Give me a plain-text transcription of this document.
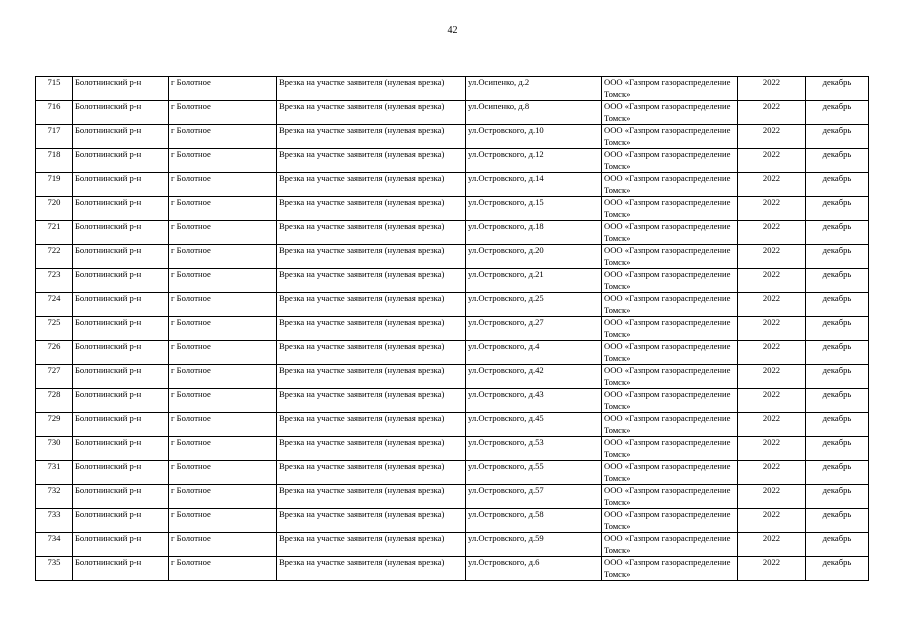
42
715	Болотнинский р-н	г Болотное	Врезка на участке заявителя (нулевая врезка)	ул.Осипенко, д.2	ООО «Газпром газораспределение Томск»	2022	декабрь
716	Болотнинский р-н	г Болотное	Врезка на участке заявителя (нулевая врезка)	ул.Осипенко, д.8	ООО «Газпром газораспределение Томск»	2022	декабрь
717	Болотнинский р-н	г Болотное	Врезка на участке заявителя (нулевая врезка)	ул.Островского, д.10	ООО «Газпром газораспределение Томск»	2022	декабрь
718	Болотнинский р-н	г Болотное	Врезка на участке заявителя (нулевая врезка)	ул.Островского, д.12	ООО «Газпром газораспределение Томск»	2022	декабрь
719	Болотнинский р-н	г Болотное	Врезка на участке заявителя (нулевая врезка)	ул.Островского, д.14	ООО «Газпром газораспределение Томск»	2022	декабрь
720	Болотнинский р-н	г Болотное	Врезка на участке заявителя (нулевая врезка)	ул.Островского, д.15	ООО «Газпром газораспределение Томск»	2022	декабрь
721	Болотнинский р-н	г Болотное	Врезка на участке заявителя (нулевая врезка)	ул.Островского, д.18	ООО «Газпром газораспределение Томск»	2022	декабрь
722	Болотнинский р-н	г Болотное	Врезка на участке заявителя (нулевая врезка)	ул.Островского, д.20	ООО «Газпром газораспределение Томск»	2022	декабрь
723	Болотнинский р-н	г Болотное	Врезка на участке заявителя (нулевая врезка)	ул.Островского, д.21	ООО «Газпром газораспределение Томск»	2022	декабрь
724	Болотнинский р-н	г Болотное	Врезка на участке заявителя (нулевая врезка)	ул.Островского, д.25	ООО «Газпром газораспределение Томск»	2022	декабрь
725	Болотнинский р-н	г Болотное	Врезка на участке заявителя (нулевая врезка)	ул.Островского, д.27	ООО «Газпром газораспределение Томск»	2022	декабрь
726	Болотнинский р-н	г Болотное	Врезка на участке заявителя (нулевая врезка)	ул.Островского, д.4	ООО «Газпром газораспределение Томск»	2022	декабрь
727	Болотнинский р-н	г Болотное	Врезка на участке заявителя (нулевая врезка)	ул.Островского, д.42	ООО «Газпром газораспределение Томск»	2022	декабрь
728	Болотнинский р-н	г Болотное	Врезка на участке заявителя (нулевая врезка)	ул.Островского, д.43	ООО «Газпром газораспределение Томск»	2022	декабрь
729	Болотнинский р-н	г Болотное	Врезка на участке заявителя (нулевая врезка)	ул.Островского, д.45	ООО «Газпром газораспределение Томск»	2022	декабрь
730	Болотнинский р-н	г Болотное	Врезка на участке заявителя (нулевая врезка)	ул.Островского, д.53	ООО «Газпром газораспределение Томск»	2022	декабрь
731	Болотнинский р-н	г Болотное	Врезка на участке заявителя (нулевая врезка)	ул.Островского, д.55	ООО «Газпром газораспределение Томск»	2022	декабрь
732	Болотнинский р-н	г Болотное	Врезка на участке заявителя (нулевая врезка)	ул.Островского, д.57	ООО «Газпром газораспределение Томск»	2022	декабрь
733	Болотнинский р-н	г Болотное	Врезка на участке заявителя (нулевая врезка)	ул.Островского, д.58	ООО «Газпром газораспределение Томск»	2022	декабрь
734	Болотнинский р-н	г Болотное	Врезка на участке заявителя (нулевая врезка)	ул.Островского, д.59	ООО «Газпром газораспределение Томск»	2022	декабрь
735	Болотнинский р-н	г Болотное	Врезка на участке заявителя (нулевая врезка)	ул.Островского, д.6	ООО «Газпром газораспределение Томск»	2022	декабрь
